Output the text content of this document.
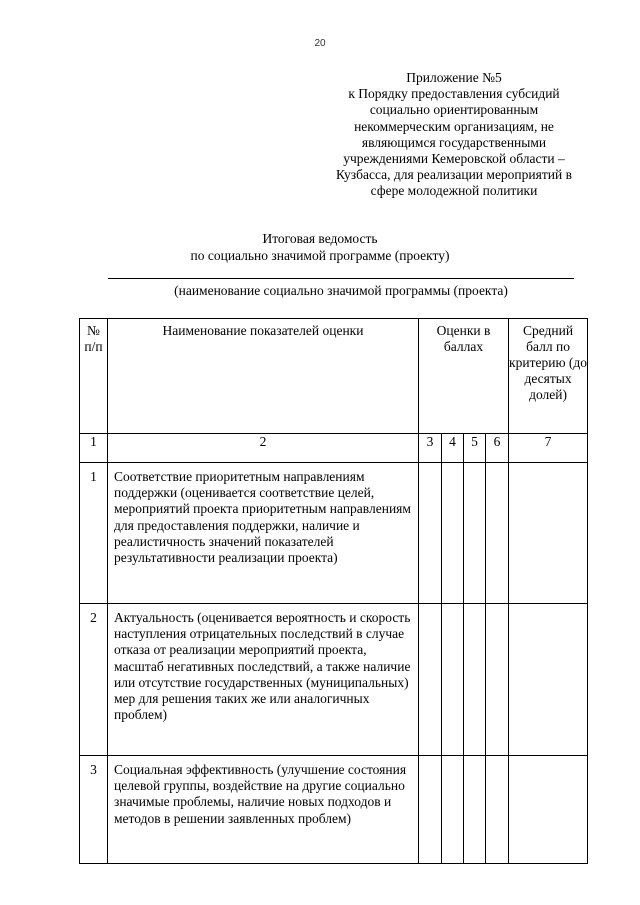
20
Приложение №5
к Порядку предоставления субсидий
социально ориентированным
некоммерческим организациям, не
являющимся государственными
учреждениями Кемеровской области –
Кузбасса, для реализации мероприятий в
сфере молодежной политики
Итоговая ведомость
по социально значимой программе (проекту)
(наименование социально значимой программы (проекта)
№ п/п	Наименование показателей оценки	Оценки в баллах				Средний балл по критерию (до десятых долей)
1	2	3	4	5	6	7
1	Соответствие приоритетным направлениям поддержки (оценивается соответствие целей, мероприятий проекта приоритетным направлениям для предоставления поддержки, наличие и реалистичность значений показателей результативности реализации проекта)					
2	Актуальность (оценивается вероятность и скорость наступления отрицательных последствий в случае отказа от реализации мероприятий проекта, масштаб негативных последствий, а также наличие или отсутствие государственных (муниципальных) мер для решения таких же или аналогичных проблем)					
3	Социальная эффективность (улучшение состояния целевой группы, воздействие на другие социально значимые проблемы, наличие новых подходов и методов в решении заявленных проблем)					
